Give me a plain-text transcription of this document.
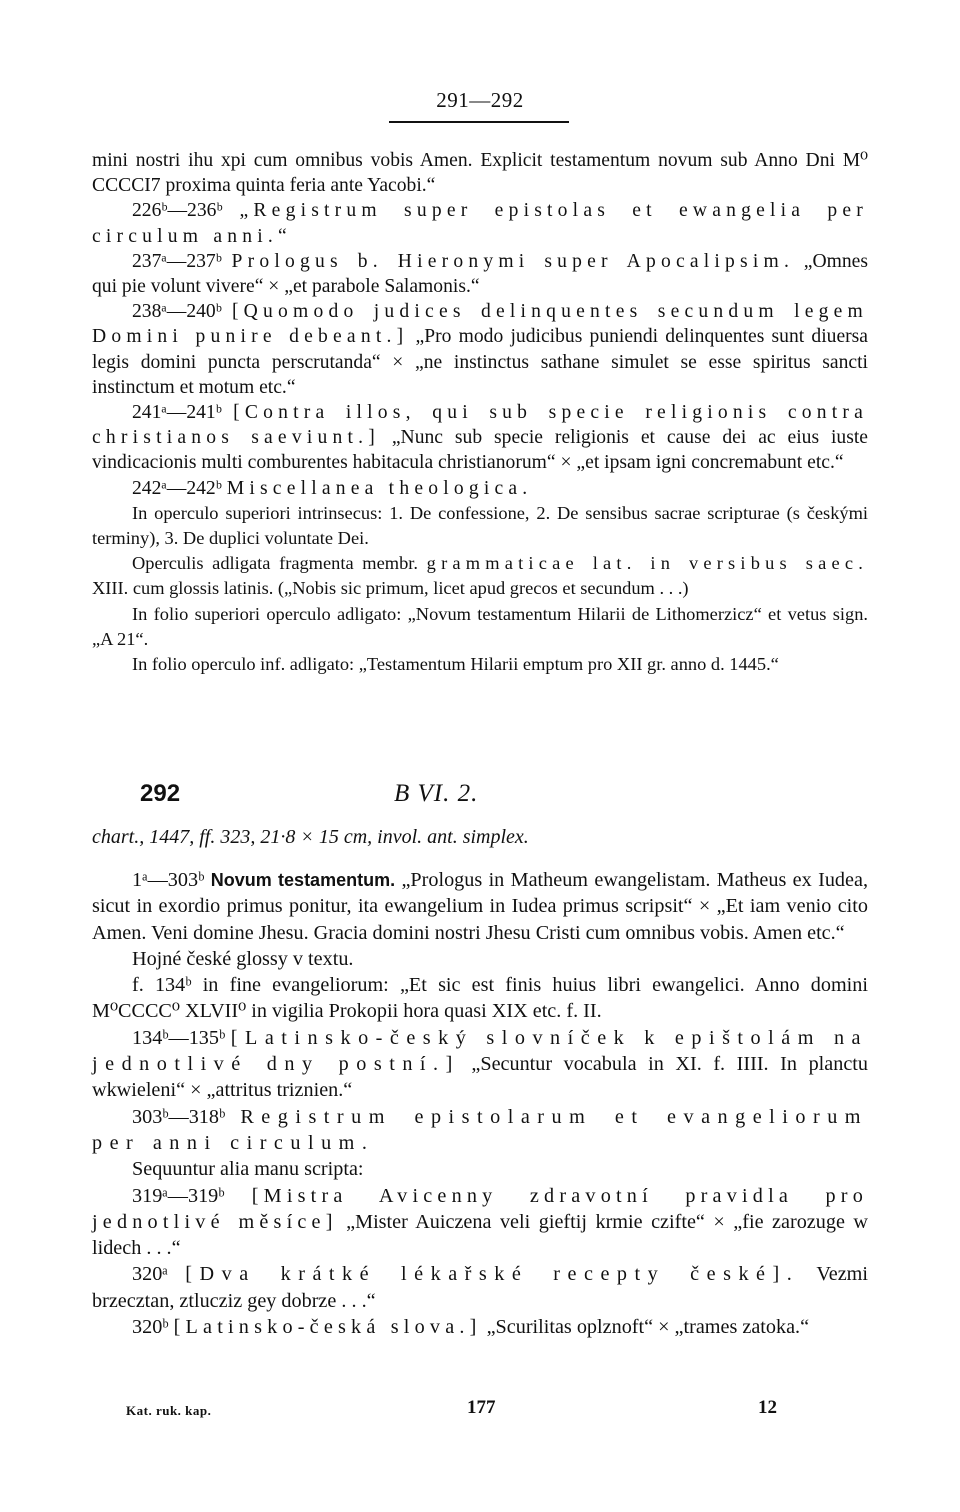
291—292

mini nostri ihu xpi cum omnibus vobis Amen. Explicit testamentum novum sub Anno Dni M⁰ CCCCI7 proxima quinta feria ante Yacobi.“

226ᵇ—236ᵇ „Registrum super epistolas et ewangelia per circulum anni.“

237ᵃ—237ᵇ Prologus b. Hieronymi super Apocalipsim. „Omnes qui pie volunt vivere“ × „et parabole Salamonis.“

238ᵃ—240ᵇ [Quomodo judices delinquentes secundum legem Domini punire debeant.] „Pro modo judicibus puniendi delinquentes sunt diuersa legis domini puncta perscrutanda“ × „ne instinctus sathane simulet se esse spiritus sancti instinctum et motum etc.“

241ᵃ—241ᵇ [Contra illos, qui sub specie religionis contra christianos saeviunt.] „Nunc sub specie religionis et cause dei ac eius iuste vindicacionis multi comburentes habitacula christianorum“ × „et ipsam igni concremabunt etc.“

242ᵃ—242ᵇ Miscellanea theologica.

In operculo superiori intrinsecus: 1. De confessione, 2. De sensibus sacrae scripturae (s českými terminy), 3. De duplici voluntate Dei.

Operculis adligata fragmenta membr. grammaticae lat. in versibus saec. XIII. cum glossis latinis. („Nobis sic primum, licet apud grecos et secundum . . .)

In folio superiori operculo adligato: „Novum testamentum Hilarii de Lithomerzicz“ et vetus sign. „A 21“.

In folio operculo inf. adligato: „Testamentum Hilarii emptum pro XII gr. anno d. 1445.“

292	B VI. 2.
chart., 1447, ff. 323, 21·8 × 15 cm, invol. ant. simplex.

1ᵃ—303ᵇ Novum testamentum. „Prologus in Matheum ewangelistam. Matheus ex Iudea, sicut in exordio primus ponitur, ita ewangelium in Iudea primus scripsit“ × „Et iam venio cito Amen. Veni domine Jhesu. Gracia domini nostri Jhesu Cristi cum omnibus vobis. Amen etc.“

Hojné české glossy v textu.

f. 134ᵇ in fine evangeliorum: „Et sic est finis huius libri ewangelici. Anno domini M⁰CCCC⁰ XLVII⁰ in vigilia Prokopii hora quasi XIX etc. f. II.

134ᵇ—135ᵇ [Latinsko-český slovníček k epištolám na jednotlivé dny postní.] „Secuntur vocabula in XI. f. IIII. In planctu wkwieleni“ × „attritus triznien.“

303ᵇ—318ᵇ Registrum epistolarum et evangeliorum per anni circulum.

Sequuntur alia manu scripta:

319ᵃ—319ᵇ [Mistra Avicenny zdravotní pravidla pro jednotlivé měsíce] „Mister Auiczena veli gieftij krmie czifte“ × „fie zarozuge w lidech . . .“

320ᵃ [Dva krátké lékařské recepty české]. Vezmi brzecztan, ztlucziz gey dobrze . . .“

320ᵇ [Latinsko-česká slova.] „Scurilitas oplznoft“ × „trames zatoka.“

Kat. ruk. kap.	177	12
